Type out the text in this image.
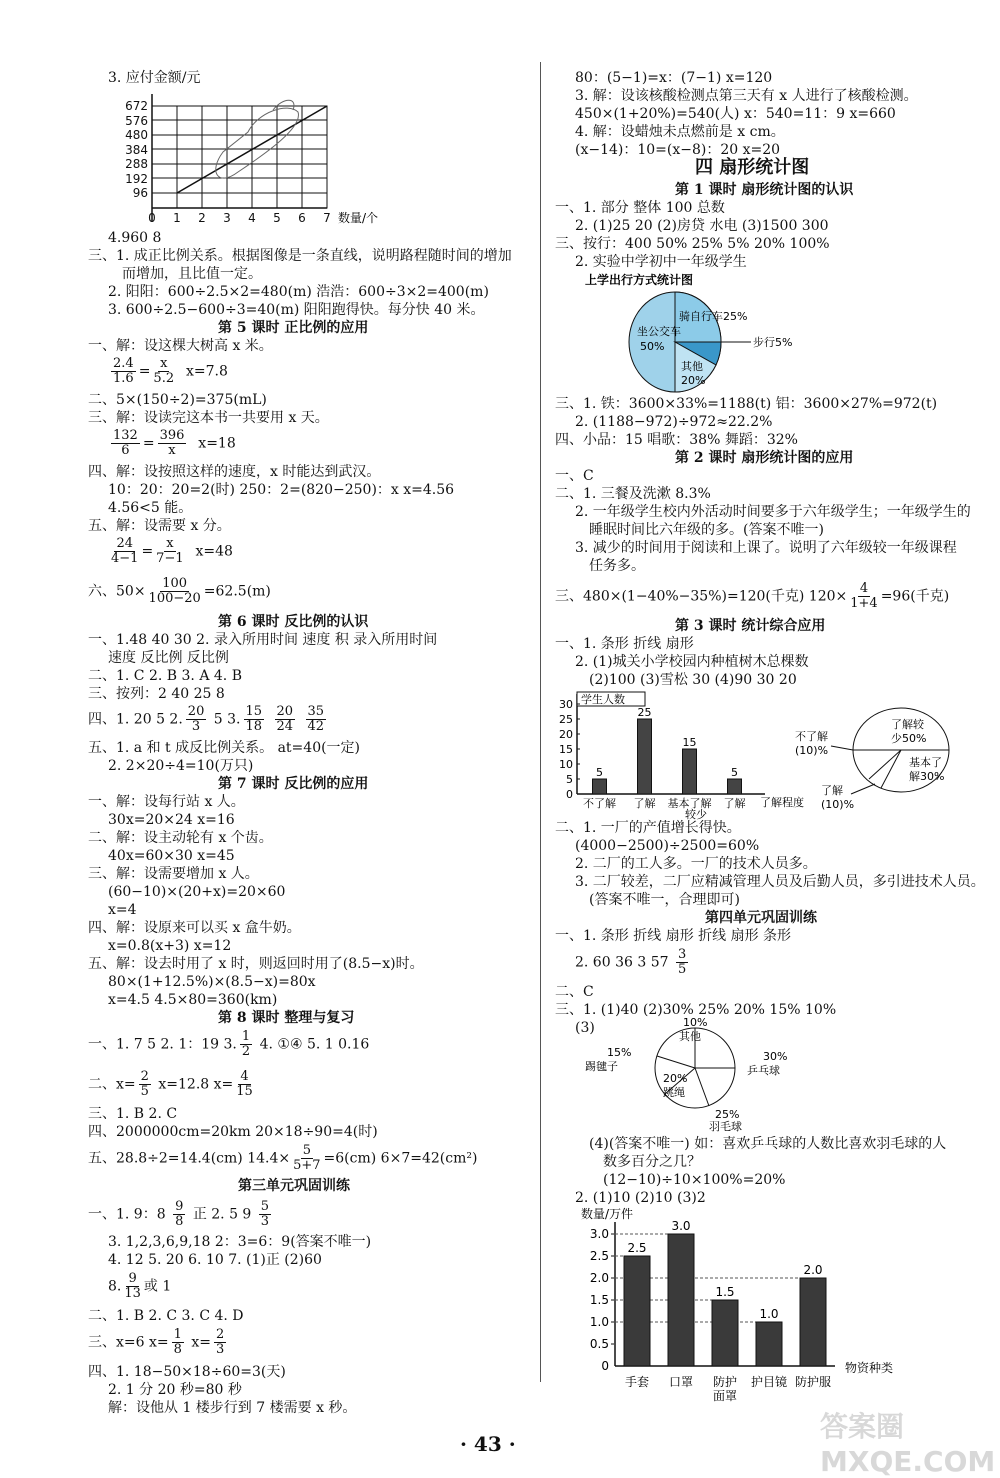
3. 应付金额/元
672
576
480
384
288
192
96
0 1 2 3 4 5 6 7 数量/个
4.960 8
三、1. 成正比例关系。根据图像是一条直线，说明路程随时间的增加
而增加，且比值一定。
2. 阳阳：600÷2.5×2=480(m) 浩浩：600÷3×2=400(m)
3. 600÷2.5−600÷3=40(m) 阳阳跑得快。每分快 40 米。
第 5 课时 正比例的应用
一、解：设这棵大树高 x 米。
$\frac{2.4}{1.6} = \frac{x}{5.2} x=7.8$
二、5×(150÷2)=375(mL)
三、解：设读完这本书一共要用 x 天。
$\frac{132}{6} = \frac{396}{x} x=18$
四、解：设按照这样的速度，x 时能达到武汉。
10：20：20=2(时) 250：2=(820−250)：x x=4.56
4.56<5 能。
五、解：设需要 x 分。
$\frac{24}{4-1} = \frac{x}{7-1} x=48$
六、$50\times \frac{100}{100-20} =62.5(m)$
第 6 课时 反比例的认识
一、1.48 40 30 2. 录入所用时间 速度 积 录入所用时间
速度 反比例 反比例
二、1. C 2. B 3. A 4. B
三、按列：2 40 25 8
四、1. 20 5 2. $\frac{20}{3} 5$ 3. $\frac{15}{18}$
$\frac{20}{24}$
$\frac{35}{42}$
五、1. a 和 t 成反比例关系。 at=40(一定)
2. 2×20÷4=10(万只)
第 7 课时 反比例的应用
一、解：设每行站 x 人。
30x=20×24 x=16
二、解：设主动轮有 x 个齿。
40x=60×30 x=45
三、解：设需要增加 x 人。
(60−10)×(20+x)=20×60
x=4
四、解：设原来可以买 x 盒牛奶。
x=0.8(x+3) x=12
五、解：设去时用了 x 时，则返回时用了(8.5−x)时。
80×(1+12.5%)×(8.5−x)=80x
x=4.5 4.5×80=360(km)
第 8 课时 整理与复习
一、1. 7 5 2. 1：19 3. $\frac{1}{2} 4$. ①④ 5. 1 0.16
二、$x= \frac{2}{5} x=12.8$ $x= \frac{4}{15}$
三、1. B 2. C
四、2000000cm=20km 20×18÷90=4(时)
五、28.8÷2=14.4(cm) $14.4\times \frac{5}{5+7} =6(cm)$ 6×7=42(cm²)
第三单元巩固训练
一、1. 9：$8 \frac{9}{8}$ 正 2. 5 $9 \frac{5}{3}$
3. 1,2,3,6,9,18 2：3=6：9(答案不唯一)
4. 12 5. 20 6. 10 7. (1)正 (2)60
8. $\frac{9}{13}$ 或 1
二、1. B 2. C 3. C 4. D
三、x=6 $x= \frac{1}{8} x= \frac{2}{3}$
四、1. 18−50×18÷60=3(天)
2. 1 分 20 秒=80 秒
解：设他从 1 楼步行到 7 楼需要 x 秒。
80：(5−1)=x：(7−1) x=120
3. 解：设该核酸检测点第三天有 x 人进行了核酸检测。
450×(1+20%)=540(人) x：540=11：9 x=660
4. 解：设蜡烛未点燃前是 x cm。
(x−14)：10=(x−8)：20 x=20
四 扇形统计图
第 1 课时 扇形统计图的认识
一、1. 部分 整体 100 总数
2. (1)25 20 (2)房贷 水电 (3)1500 300
三、按行：400 50% 25% 5% 20% 100%
2. 实验中学初中一年级学生
上学出行方式统计图
坐公交车
50%
骑自行车25%
其他
20%
步行5%
三、1. 铁：3600×33%=1188(t) 铝：3600×27%=972(t)
2. (1188−972)÷972≈22.2%
四、小品：15 唱歌：38% 舞蹈：32%
第 2 课时 扇形统计图的应用
一、C
二、1. 三餐及洗漱 8.3%
2. 一年级学生校内外活动时间要多于六年级学生；一年级学生的
睡眠时间比六年级的多。(答案不唯一)
3. 减少的时间用于阅读和上课了。说明了六年级较一年级课程
任务多。
三、480×(1−40%−35%)=120(千克) $120\times \frac{4}{1+4} =96$(千克)
第 3 课时 统计综合应用
一、1. 条形 折线 扇形
2. (1)城关小学校园内种植树木总棵数
(2)100 (3)雪松 30 (4)90 30 20
学生人数
30
25
20
15
10
5
0
5
25
15
5
不了解 了解 基本了解 了解
较少
了解程度
了解较
少50%
不了解
(10)%
基本了
解30%
了解
(10)%
二、1. 一厂的产值增长得快。
(4000−2500)÷2500=60%
2. 二厂的工人多。一厂的技术人员多。
3. 二厂较差，二厂应精减管理人员及后勤人员，多引进技术人员。
(答案不唯一，合理即可)
第四单元巩固训练
一、1. 条形 折线 扇形 折线 扇形 条形
2. 60 36 3 $57 \frac{3}{5}$
二、C
三、1. (1)40 (2)30% 25% 20% 15% 10%
(3)	10%
其他
30%
乒乓球
15%
踢毽子
20%
跳绳
25%
羽毛球
(4)(答案不唯一) 如：喜欢乒乓球的人数比喜欢羽毛球的人
数多百分之几？
(12−10)÷10×100%=20%
2. (1)10 (2)10 (3)2
数量/万件
3.0
2.5
2.0
1.5
1.0
0.5
0
2.5
3.0
1.5
1.0
2.0
手套 口罩 防护 护目镜 防护服
面罩
物资种类
· 43 ·
答案圈 MXQE.COM
